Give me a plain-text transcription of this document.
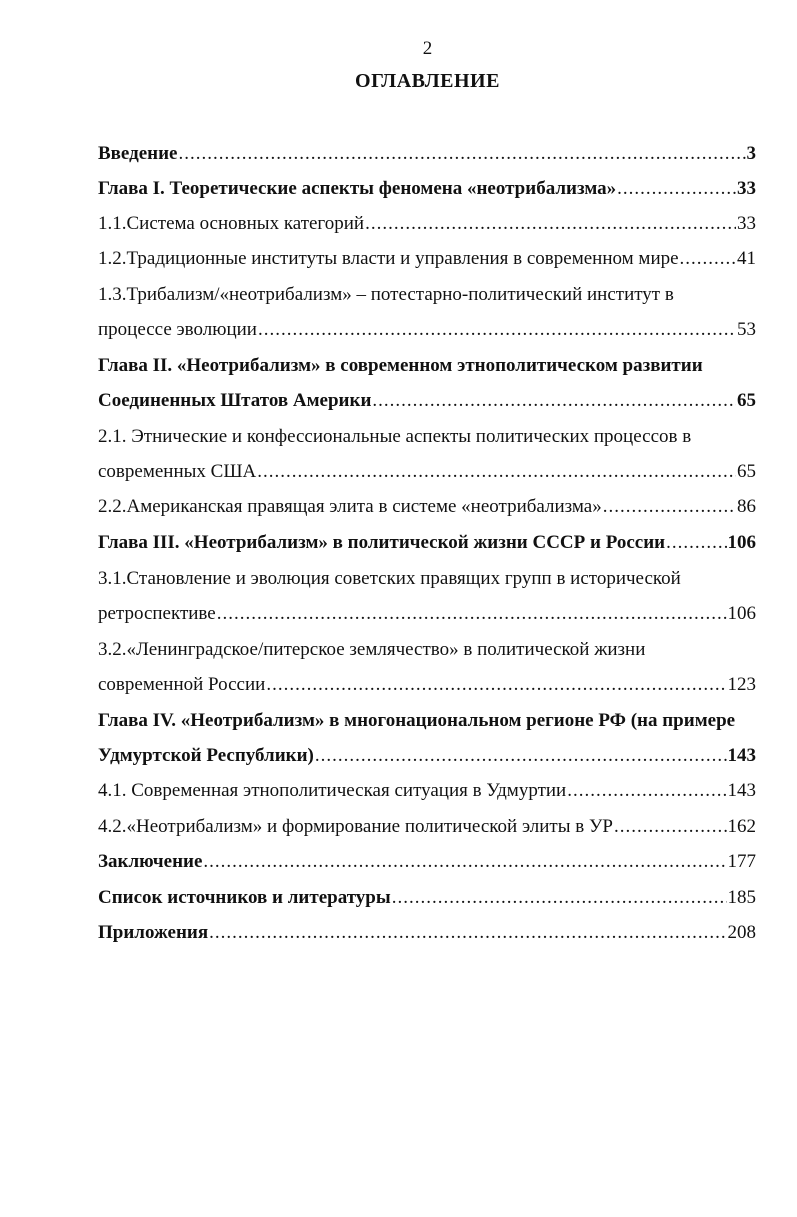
2
ОГЛАВЛЕНИЕ
Введение .....	3
Глава I. Теоретические аспекты феномена «неотрибализма» .....	33
1.1.Система основных категорий .....	33
1.2.Традиционные институты власти и управления в современном мире .....	41
1.3.Трибализм/«неотрибализм» – потестарно-политический институт в
процессе эволюции .....	53
Глава II. «Неотрибализм» в современном этнополитическом развитии
Соединенных Штатов Америки .....	65
2.1. Этнические и конфессиональные аспекты политических процессов в
современных США .....	65
2.2.Американская правящая элита в системе «неотрибализма» .....	86
Глава III. «Неотрибализм» в политической жизни СССР и России .....	106
3.1.Становление и эволюция советских правящих групп в исторической
ретроспективе .....	106
3.2.«Ленинградское/питерское землячество» в политической жизни
современной России .....	123
Глава IV. «Неотрибализм» в многонациональном регионе РФ (на примере
Удмуртской Республики) .....	143
4.1. Современная этнополитическая ситуация в Удмуртии .....	143
4.2.«Неотрибализм» и формирование политической элиты в УР .....	162
Заключение .....	177
Список источников и литературы .....	185
Приложения .....	208
